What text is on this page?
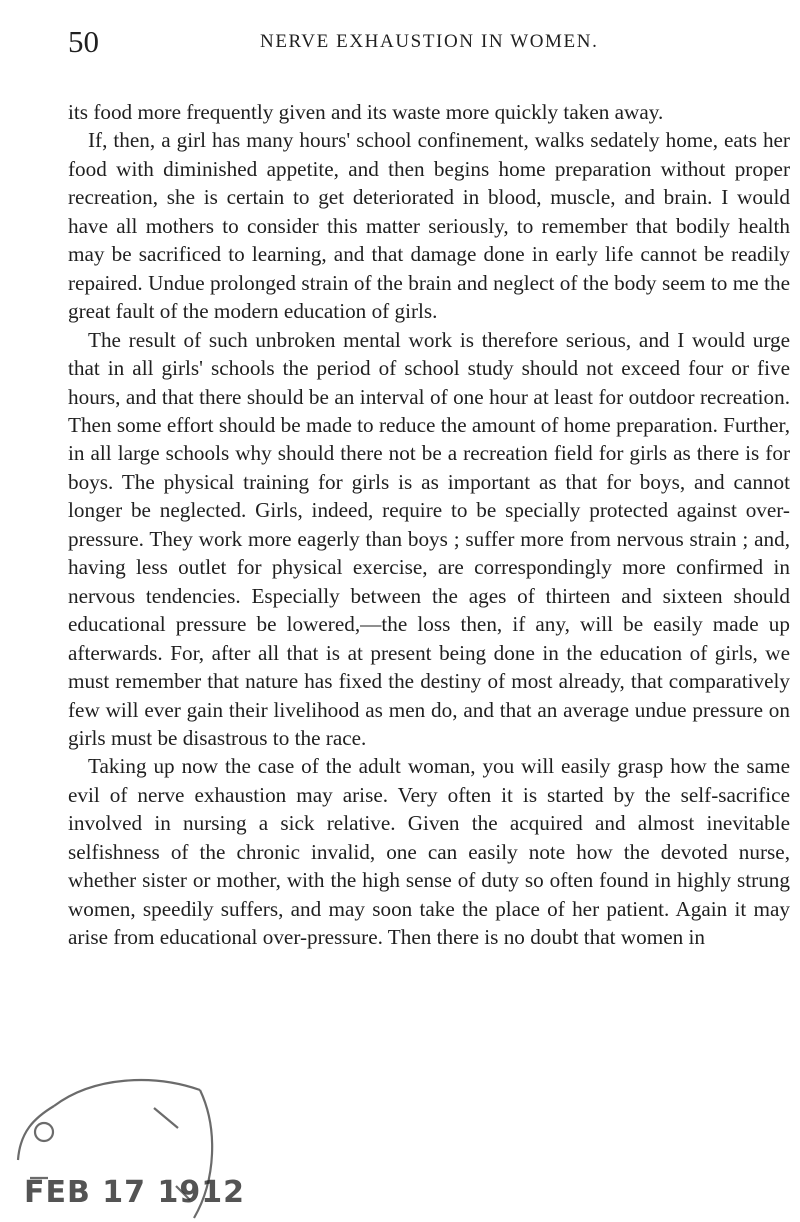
50	NERVE EXHAUSTION IN WOMEN.

its food more frequently given and its waste more quickly taken away.

If, then, a girl has many hours' school confinement, walks sedately home, eats her food with diminished appetite, and then begins home preparation without proper recreation, she is certain to get deteriorated in blood, muscle, and brain. I would have all mothers to consider this matter seriously, to remember that bodily health may be sacrificed to learning, and that damage done in early life cannot be readily repaired. Undue prolonged strain of the brain and neglect of the body seem to me the great fault of the modern education of girls.

The result of such unbroken mental work is therefore serious, and I would urge that in all girls' schools the period of school study should not exceed four or five hours, and that there should be an interval of one hour at least for outdoor recreation. Then some effort should be made to reduce the amount of home preparation. Further, in all large schools why should there not be a recreation field for girls as there is for boys. The physical training for girls is as important as that for boys, and cannot longer be neglected. Girls, indeed, require to be specially protected against over-pressure. They work more eagerly than boys ; suffer more from nervous strain ; and, having less outlet for physical exercise, are correspondingly more confirmed in nervous tendencies. Especially between the ages of thirteen and sixteen should educational pressure be lowered,—the loss then, if any, will be easily made up afterwards. For, after all that is at present being done in the education of girls, we must remember that nature has fixed the destiny of most already, that comparatively few will ever gain their livelihood as men do, and that an average undue pressure on girls must be disastrous to the race.

Taking up now the case of the adult woman, you will easily grasp how the same evil of nerve exhaustion may arise. Very often it is started by the self-sacrifice involved in nursing a sick relative. Given the acquired and almost inevitable selfishness of the chronic invalid, one can easily note how the devoted nurse, whether sister or mother, with the high sense of duty so often found in highly strung women, speedily suffers, and may soon take the place of her patient. Again it may arise from educational over-pressure. Then there is no doubt that women in

FEB 17 1912
